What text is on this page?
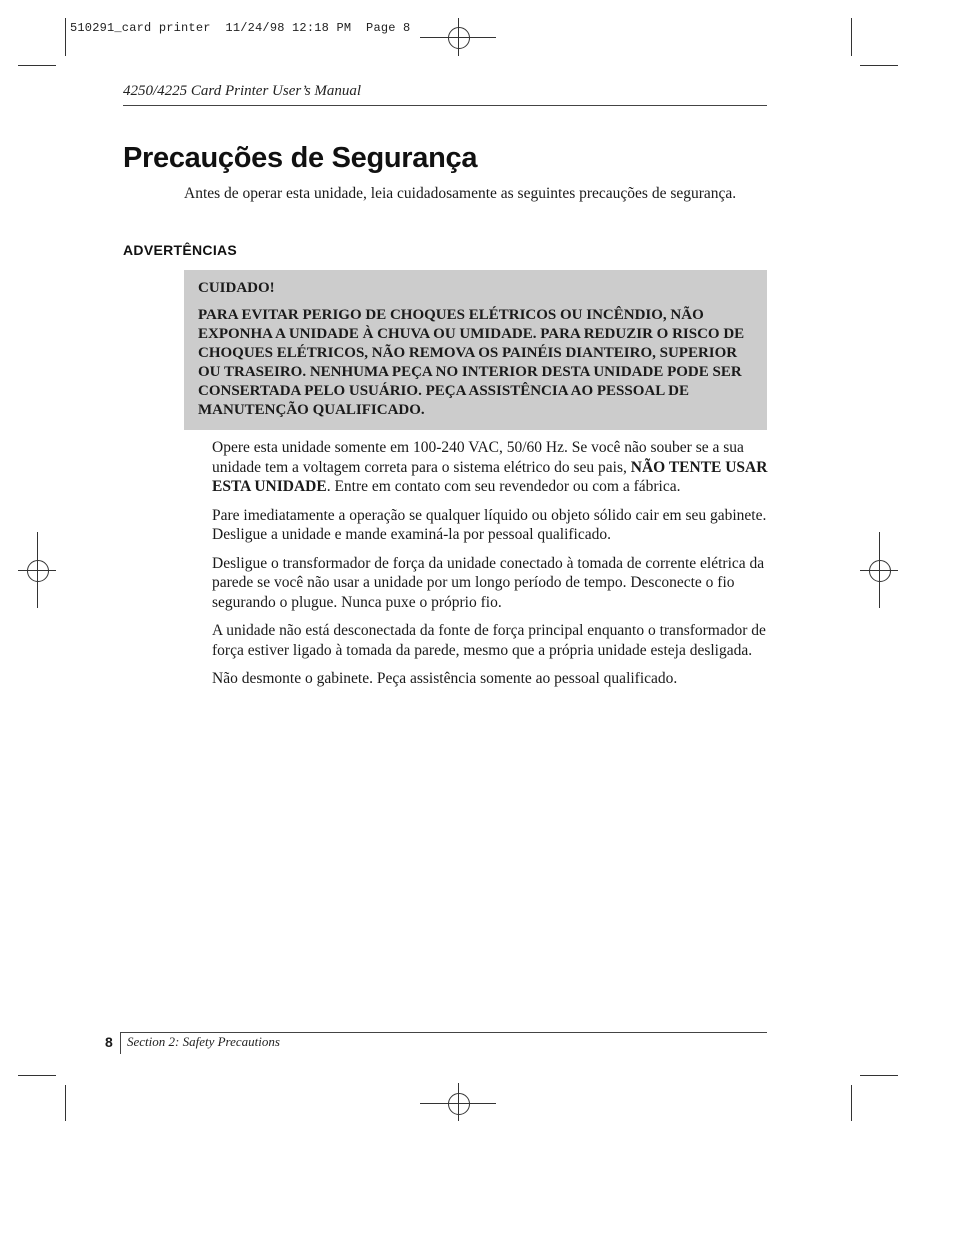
510291_card printer  11/24/98 12:18 PM  Page 8
4250/4225 Card Printer User’s Manual
Precauções de Segurança

Antes de operar esta unidade, leia cuidadosamente as seguintes precauções de segurança.

ADVERTÊNCIAS

CUIDADO!

PARA EVITAR PERIGO DE CHOQUES ELÉTRICOS OU INCÊNDIO, NÃO EXPONHA A UNIDADE À CHUVA OU UMIDADE. PARA REDUZIR O RISCO DE CHOQUES ELÉTRICOS, NÃO REMOVA OS PAINÉIS DIANTEIRO, SUPERIOR OU TRASEIRO. NENHUMA PEÇA NO INTERIOR DESTA UNIDADE PODE SER CONSERTADA PELO USUÁRIO. PEÇA ASSISTÊNCIA AO PESSOAL DE MANUTENÇÃO QUALIFICADO.

Opere esta unidade somente em 100-240 VAC, 50/60 Hz. Se você não souber se a sua unidade tem a voltagem correta para o sistema elétrico do seu pais, NÃO TENTE USAR ESTA UNIDADE. Entre em contato com seu revendedor ou com a fábrica.
Pare imediatamente a operação se qualquer líquido ou objeto sólido cair em seu gabinete. Desligue a unidade e mande examiná-la por pessoal qualificado.
Desligue o transformador de força da unidade conectado à tomada de corrente elétrica da parede se você não usar a unidade por um longo período de tempo. Desconecte o fio segurando o plugue. Nunca puxe o próprio fio.
A unidade não está desconectada da fonte de força principal enquanto o transformador de força estiver ligado à tomada da parede, mesmo que a própria unidade esteja desligada.
Não desmonte o gabinete. Peça assistência somente ao pessoal qualificado.
8 Section 2: Safety Precautions
